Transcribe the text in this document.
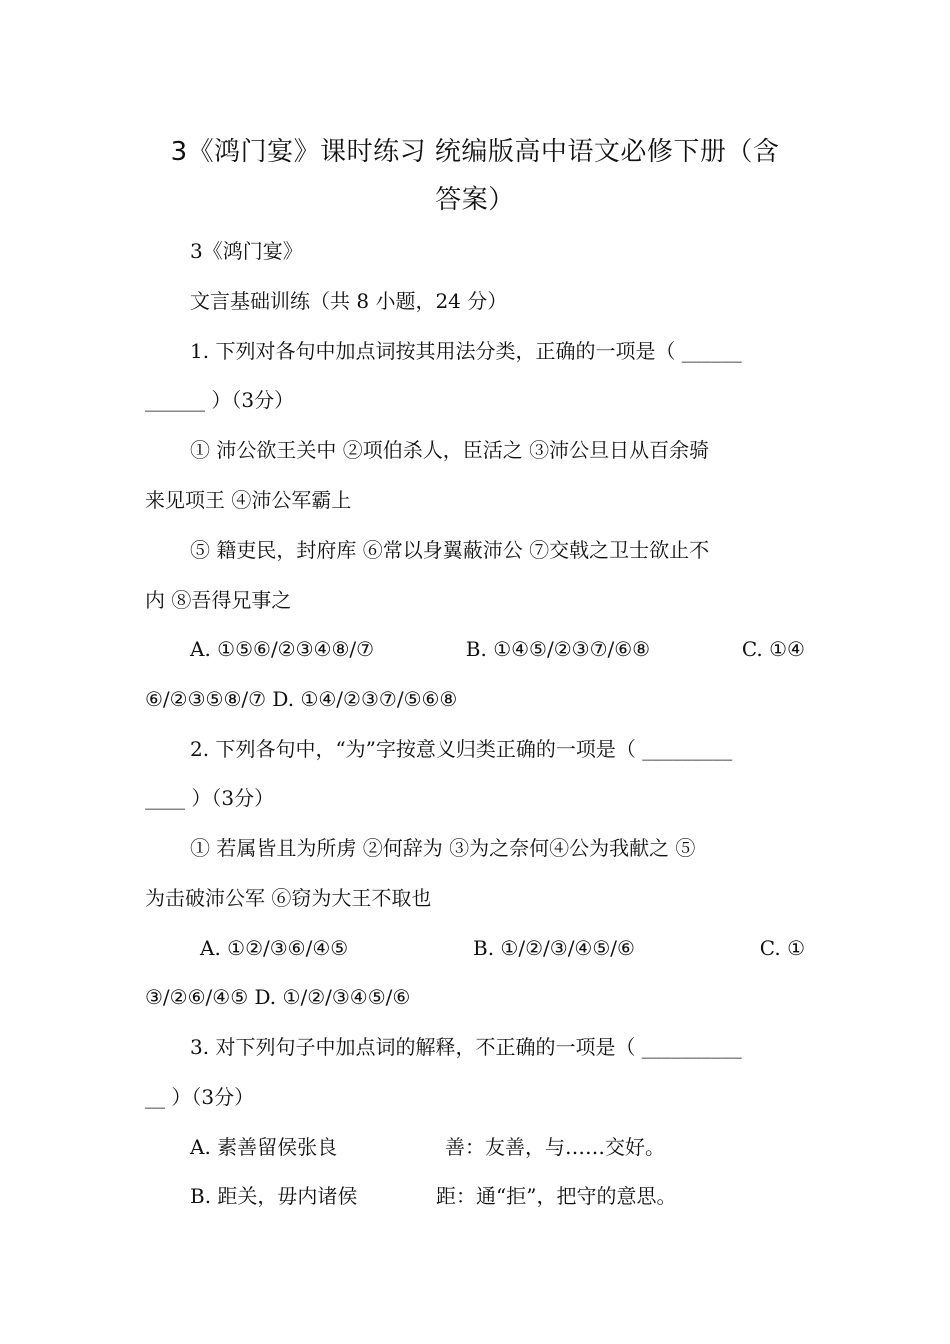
3《鸿门宴》课时练习 统编版高中语文必修下册（含
答案）
3《鸿门宴》
文言基础训练（共 8 小题，24 分）
1. 下列对各句中加点词按其用法分类，正确的一项是（ ______
______ ）（3分）
① 沛公欲王关中 ②项伯杀人，臣活之 ③沛公旦日从百余骑
来见项王 ④沛公军霸上
⑤ 籍吏民，封府库 ⑥常以身翼蔽沛公 ⑦交戟之卫士欲止不
内 ⑧吾得兄事之
A. ①⑤⑥/②③④⑧/⑦	B. ①④⑤/②③⑦/⑥⑧	C. ①④
⑥/②③⑤⑧/⑦ D. ①④/②③⑦/⑤⑥⑧
2. 下列各句中，“为”字按意义归类正确的一项是（ _________
____ ）（3分）
① 若属皆且为所虏 ②何辞为 ③为之奈何④公为我献之 ⑤
为击破沛公军 ⑥窃为大王不取也
A. ①②/③⑥/④⑤	B. ①/②/③/④⑤/⑥	C. ①
③/②⑥/④⑤ D. ①/②/③④⑤/⑥
3. 对下列句子中加点词的解释，不正确的一项是（ __________
__ ）（3分）
A. 素善留侯张良	善：友善，与……交好。
B. 距关，毋内诸侯	距：通“拒”，把守的意思。
